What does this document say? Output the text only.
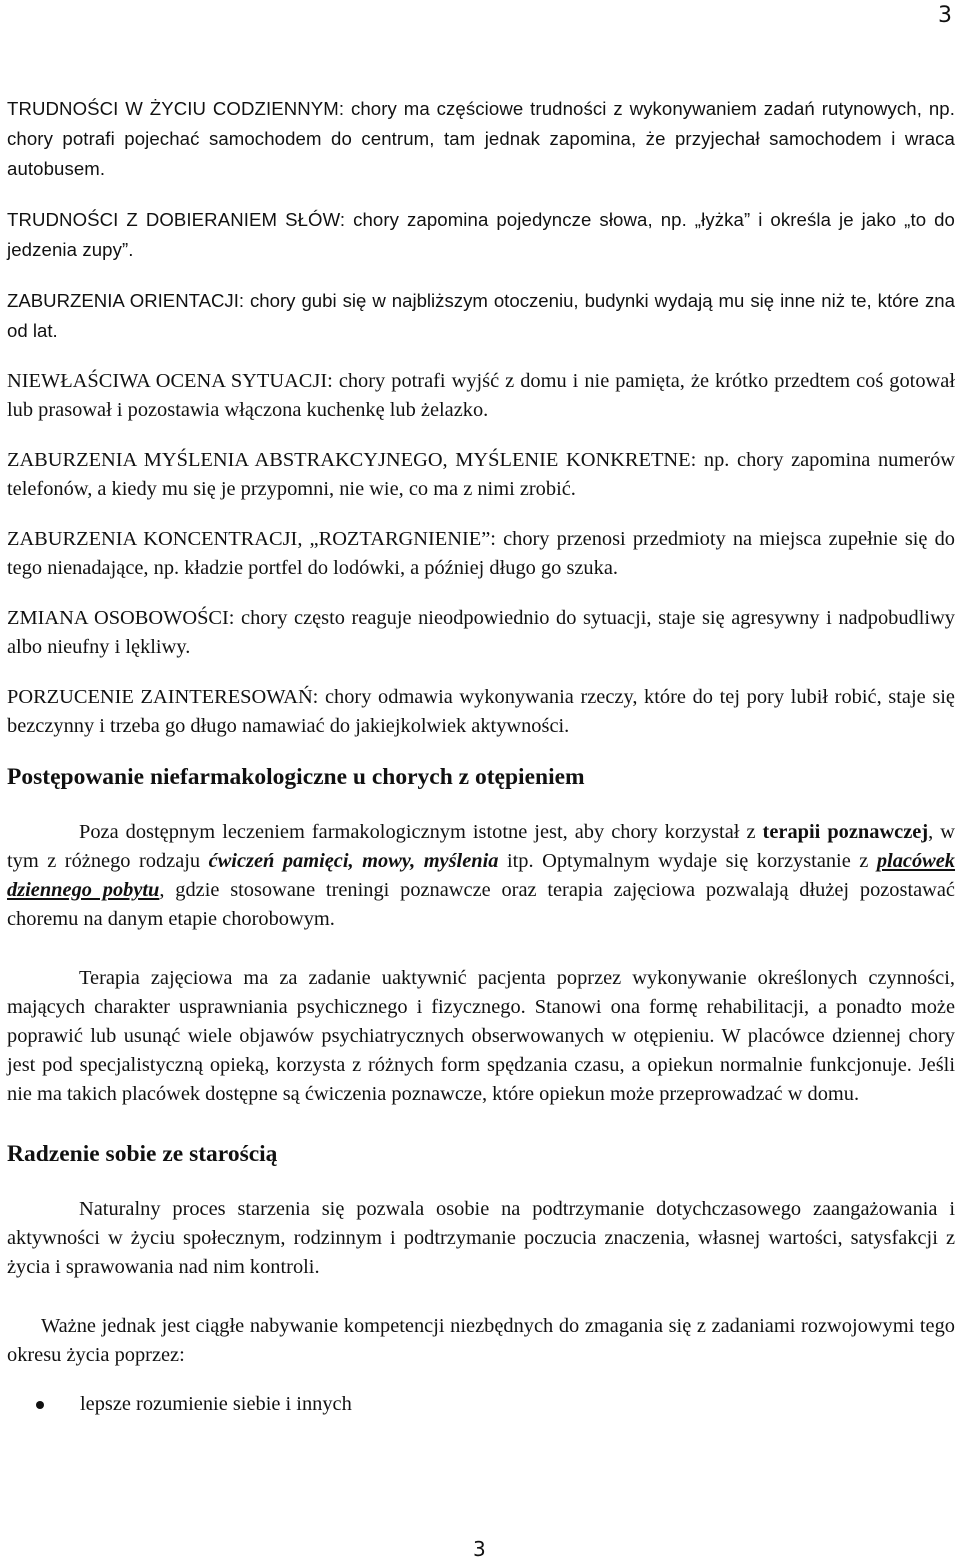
3

TRUDNOŚCI W ŻYCIU CODZIENNYM: chory ma częściowe trudności z wykonywaniem zadań rutynowych, np. chory potrafi pojechać samochodem do centrum, tam jednak zapomina, że przyjechał samochodem i wraca autobusem.

TRUDNOŚCI Z DOBIERANIEM SŁÓW: chory zapomina pojedyncze słowa, np. „łyżka” i określa je jako „to do jedzenia zupy”.

ZABURZENIA ORIENTACJI: chory gubi się w najbliższym otoczeniu, budynki wydają mu się inne niż te, które zna od lat.

NIEWŁAŚCIWA OCENA SYTUACJI: chory potrafi wyjść z domu i nie pamięta, że krótko przedtem coś gotował lub prasował i pozostawia włączona kuchenkę lub żelazko.

ZABURZENIA MYŚLENIA ABSTRAKCYJNEGO, MYŚLENIE KONKRETNE: np. chory zapomina numerów telefonów, a kiedy mu się je przypomni, nie wie, co ma z nimi zrobić.

ZABURZENIA KONCENTRACJI, „ROZTARGNIENIE”: chory przenosi przedmioty na miejsca zupełnie się do tego nienadające, np. kładzie portfel do lodówki, a później długo go szuka.

ZMIANA OSOBOWOŚCI: chory często reaguje nieodpowiednio do sytuacji, staje się agresywny i nadpobudliwy albo nieufny i lękliwy.

PORZUCENIE ZAINTERESOWAŃ: chory odmawia wykonywania rzeczy, które do tej pory lubił robić, staje się bezczynny i trzeba go długo namawiać do jakiejkolwiek aktywności.

Postępowanie niefarmakologiczne u chorych z otępieniem

Poza dostępnym leczeniem farmakologicznym istotne jest, aby chory korzystał z terapii poznawczej, w tym z różnego rodzaju ćwiczeń pamięci, mowy, myślenia itp. Optymalnym wydaje się korzystanie z placówek dziennego pobytu, gdzie stosowane treningi poznawcze oraz terapia zajęciowa pozwalają dłużej pozostawać choremu na danym etapie chorobowym.

Terapia zajęciowa ma za zadanie uaktywnić pacjenta poprzez wykonywanie określonych czynności, mających charakter usprawniania psychicznego i fizycznego. Stanowi ona formę rehabilitacji, a ponadto może poprawić lub usunąć wiele objawów psychiatrycznych obserwowanych w otępieniu. W placówce dziennej chory jest pod specjalistyczną opieką, korzysta z różnych form spędzania czasu, a opiekun normalnie funkcjonuje. Jeśli nie ma takich placówek dostępne są ćwiczenia poznawcze, które opiekun może przeprowadzać w domu.

Radzenie sobie ze starością

Naturalny proces starzenia się pozwala osobie na podtrzymanie dotychczasowego zaangażowania i aktywności w życiu społecznym, rodzinnym i podtrzymanie poczucia znaczenia, własnej wartości, satysfakcji z życia i sprawowania nad nim kontroli.

Ważne jednak jest ciągłe nabywanie kompetencji niezbędnych do zmagania się z zadaniami rozwojowymi tego okresu życia poprzez:

lepsze rozumienie siebie i innych
3
